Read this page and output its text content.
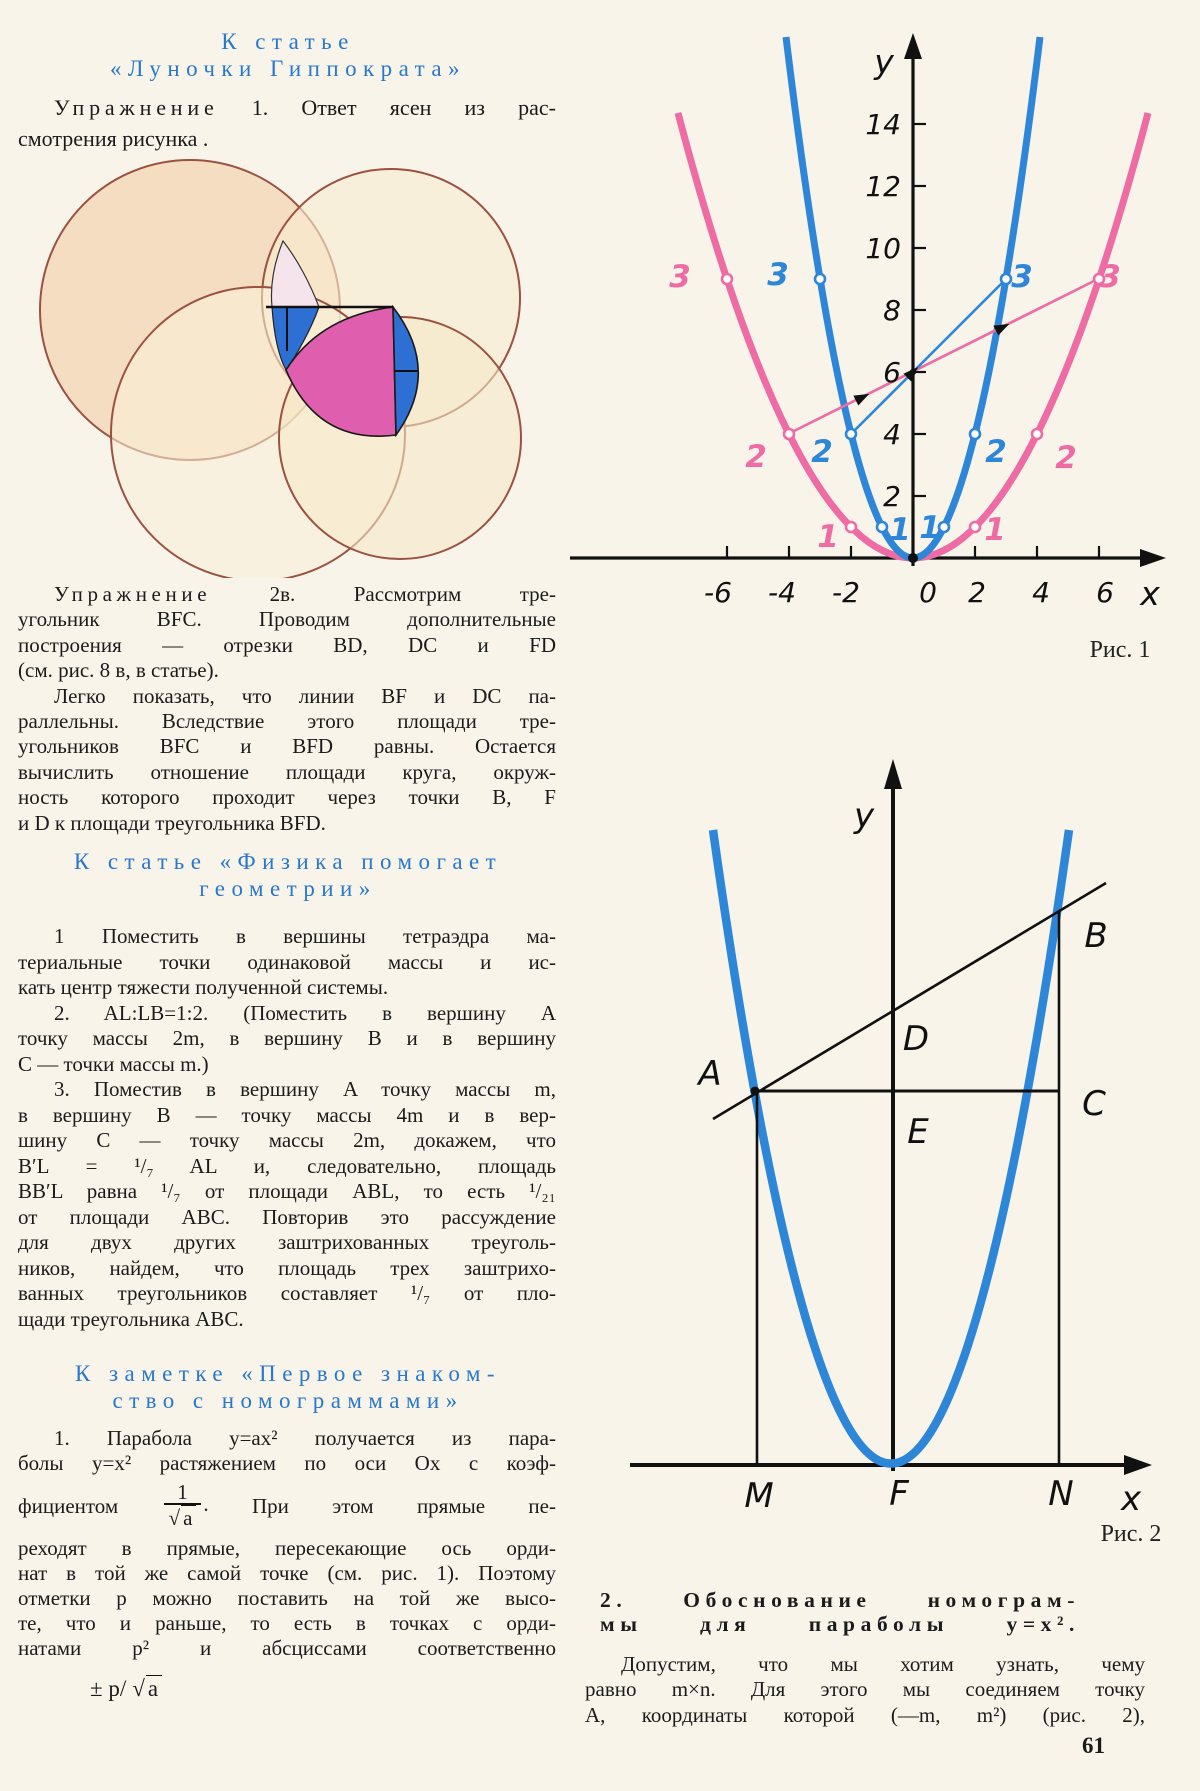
К статье
«Луночки Гиппократа»
Упражнение 1. Ответ ясен из рас-
смотрения рисунка .
Упражнение 2в. Рассмотрим тре-
угольник BFC. Проводим дополнительные
построения — отрезки BD, DC и FD
(см. рис. 8 в, в статье).
Легко показать, что линии BF и DC па-
раллельны. Вследствие этого площади тре-
угольников BFC и BFD равны. Остается
вычислить отношение площади круга, окруж-
ность которого проходит через точки B, F
и D к площади треугольника BFD.
К статье «Физика помогает
геометрии»
1 Поместить в вершины тетраэдра ма-
териальные точки одинаковой массы и ис-
кать центр тяжести полученной системы.
2. AL:LB=1:2. (Поместить в вершину A
точку массы 2m, в вершину B и в вершину
C — точки массы m.)
3. Поместив в вершину A точку массы m,
в вершину B — точку массы 4m и в вер-
шину C — точку массы 2m, докажем, что
B′L = ¹/₇ AL и, следовательно, площадь
BB′L равна ¹/₇ от площади ABL, то есть ¹/₂₁
от площади ABC. Повторив это рассуждение
для двух других заштрихованных треуголь-
ников, найдем, что площадь трех заштрихо-
ванных треугольников составляет ¹/₇ от пло-
щади треугольника ABC.
К заметке «Первое знаком-
ство с номограммами»
1. Парабола y=ax² получается из пара-
болы y=x² растяжением по оси Ox с коэф-
фициентом $\frac{1}{√ a}$ . При этом прямые пе-
реходят в прямые, пересекающие ось орди-
нат в той же самой точке (см. рис. 1). Поэтому
отметки p можно поставить на той же высо-
те, что и раньше, то есть в точках с орди-
натами p² и абсциссами соответственно
± p/ √ a
-6 -4 -2 0 2 4 6
2
4
6
8
10
12
14
y
x
1 1
2	2
3	3
1	1
2	2
3	3
Рис. 1
y
x
M	F	N
A
B
C
D
E
Рис. 2
2. Обоснование номограм-
мы для параболы y=x².
Допустим, что мы хотим узнать, чему
равно m×n. Для этого мы соединяем точку
A, координаты которой (—m, m²) (рис. 2),
61
